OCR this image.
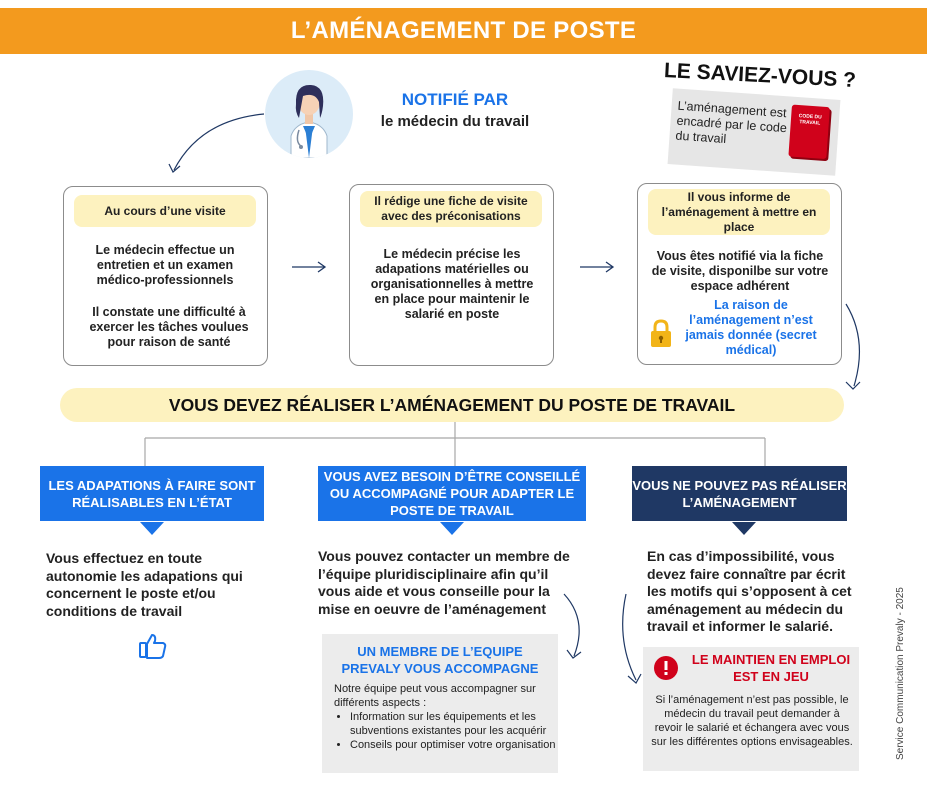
L’AMÉNAGEMENT DE POSTE
NOTIFIÉ PAR
le médecin du travail
LE SAVIEZ-VOUS ?
L’aménagement est encadré par le code du travail
CODE DU TRAVAIL
Au cours d’une visite
Le médecin effectue un entretien et un examen médico-professionnels
Il constate une difficulté à exercer les tâches voulues pour raison de santé
Il rédige une fiche de visite avec des préconisations
Le médecin précise les adapations matérielles ou organisationnelles à mettre en place pour maintenir le salarié en poste
Il vous informe de l’aménagement à mettre en place
Vous êtes notifié via la fiche de visite, disponilbe sur votre espace adhérent
La raison de l’aménagement n’est jamais donnée (secret médical)
VOUS DEVEZ RÉALISER L’AMÉNAGEMENT DU POSTE DE TRAVAIL
LES ADAPATIONS À FAIRE SONT RÉALISABLES EN L’ÉTAT
Vous effectuez en toute autonomie les adapations qui concernent le poste et/ou conditions de travail
VOUS AVEZ BESOIN D’ÊTRE CONSEILLÉ OU ACCOMPAGNÉ POUR ADAPTER LE POSTE DE TRAVAIL
Vous pouvez contacter un membre de l’équipe pluridisciplinaire afin qu’il vous aide et vous conseille pour la mise en oeuvre de l’aménagement
UN MEMBRE DE L’EQUIPE PREVALY VOUS ACCOMPAGNE
Notre équipe peut vous accompagner sur différents aspects :
• Information sur les équipements et les subventions existantes pour les acquérir
• Conseils pour optimiser votre organisation
VOUS NE POUVEZ PAS RÉALISER L’AMÉNAGEMENT
En cas d’impossibilité, vous devez faire connaître par écrit les motifs qui s’opposent à cet aménagement au médecin du travail et informer le salarié.
LE MAINTIEN EN EMPLOI EST EN JEU
Si l’aménagement n’est pas possible, le médecin du travail peut demander à revoir le salarié et échangera avec vous sur les différentes options envisageables.	Service Communication Prevaly - 2025
